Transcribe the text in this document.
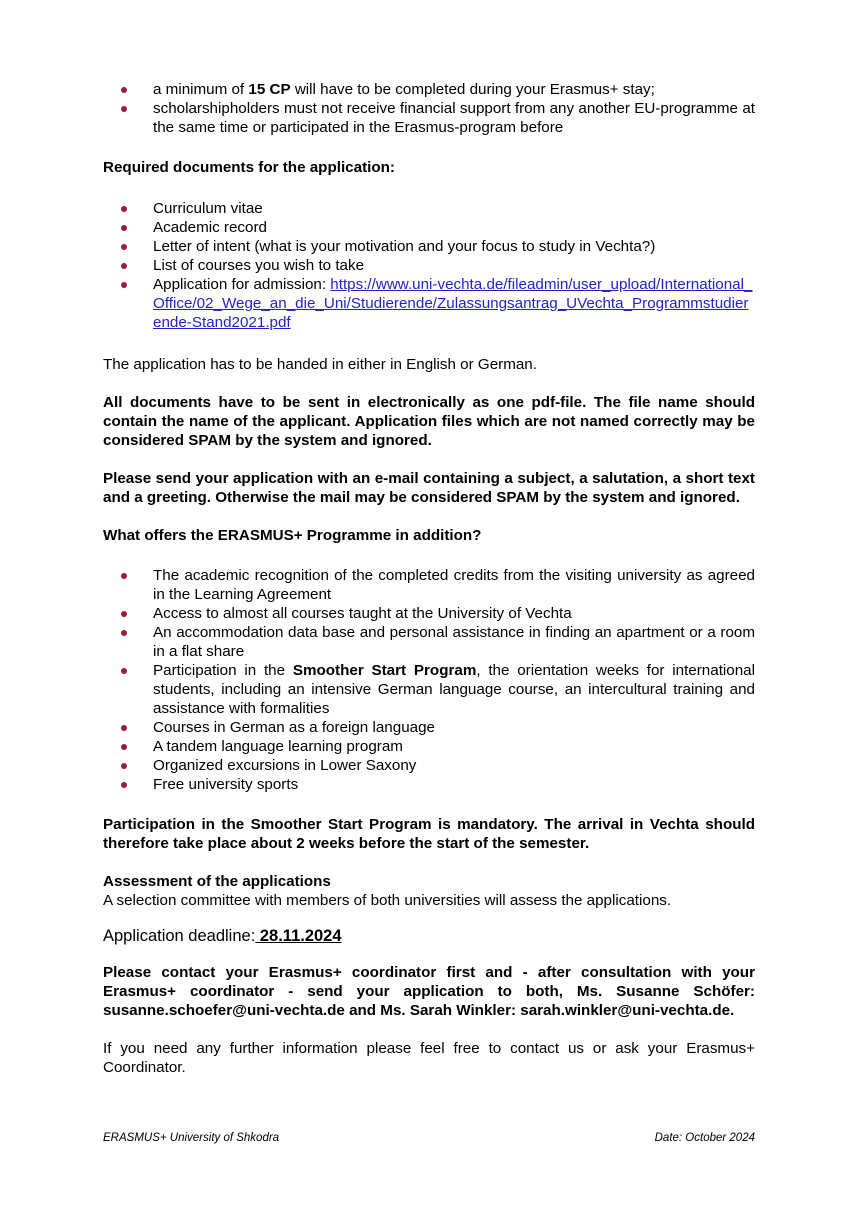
a minimum of 15 CP will have to be completed during your Erasmus+ stay;
scholarshipholders must not receive financial support from any another EU-programme at the same time or participated in the Erasmus-program before

Required documents for the application:

Curriculum vitae
Academic record
Letter of intent (what is your motivation and your focus to study in Vechta?)
List of courses you wish to take
Application for admission: https://www.uni-vechta.de/fileadmin/user_upload/International_Office/02_Wege_an_die_Uni/Studierende/Zulassungsantrag_UVechta_Programmstudierende-Stand2021.pdf

The application has to be handed in either in English or German.

All documents have to be sent in electronically as one pdf-file. The file name should contain the name of the applicant. Application files which are not named correctly may be considered SPAM by the system and ignored.

Please send your application with an e-mail containing a subject, a salutation, a short text and a greeting. Otherwise the mail may be considered SPAM by the system and ignored.

What offers the ERASMUS+ Programme in addition?

The academic recognition of the completed credits from the visiting university as agreed in the Learning Agreement
Access to almost all courses taught at the University of Vechta
An accommodation data base and personal assistance in finding an apartment or a room in a flat share
Participation in the Smoother Start Program, the orientation weeks for international students, including an intensive German language course, an intercultural training and assistance with formalities
Courses in German as a foreign language
A tandem language learning program
Organized excursions in Lower Saxony
Free university sports

Participation in the Smoother Start Program is mandatory. The arrival in Vechta should therefore take place about 2 weeks before the start of the semester.

Assessment of the applications

A selection committee with members of both universities will assess the applications.

Application deadline: 28.11.2024

Please contact your Erasmus+ coordinator first and - after consultation with your Erasmus+ coordinator - send your application to both, Ms. Susanne Schöfer: susanne.schoefer@uni-vechta.de and Ms. Sarah Winkler: sarah.winkler@uni-vechta.de.

If you need any further information please feel free to contact us or ask your Erasmus+ Coordinator.

ERASMUS+ University of Shkodra	Date: October 2024
